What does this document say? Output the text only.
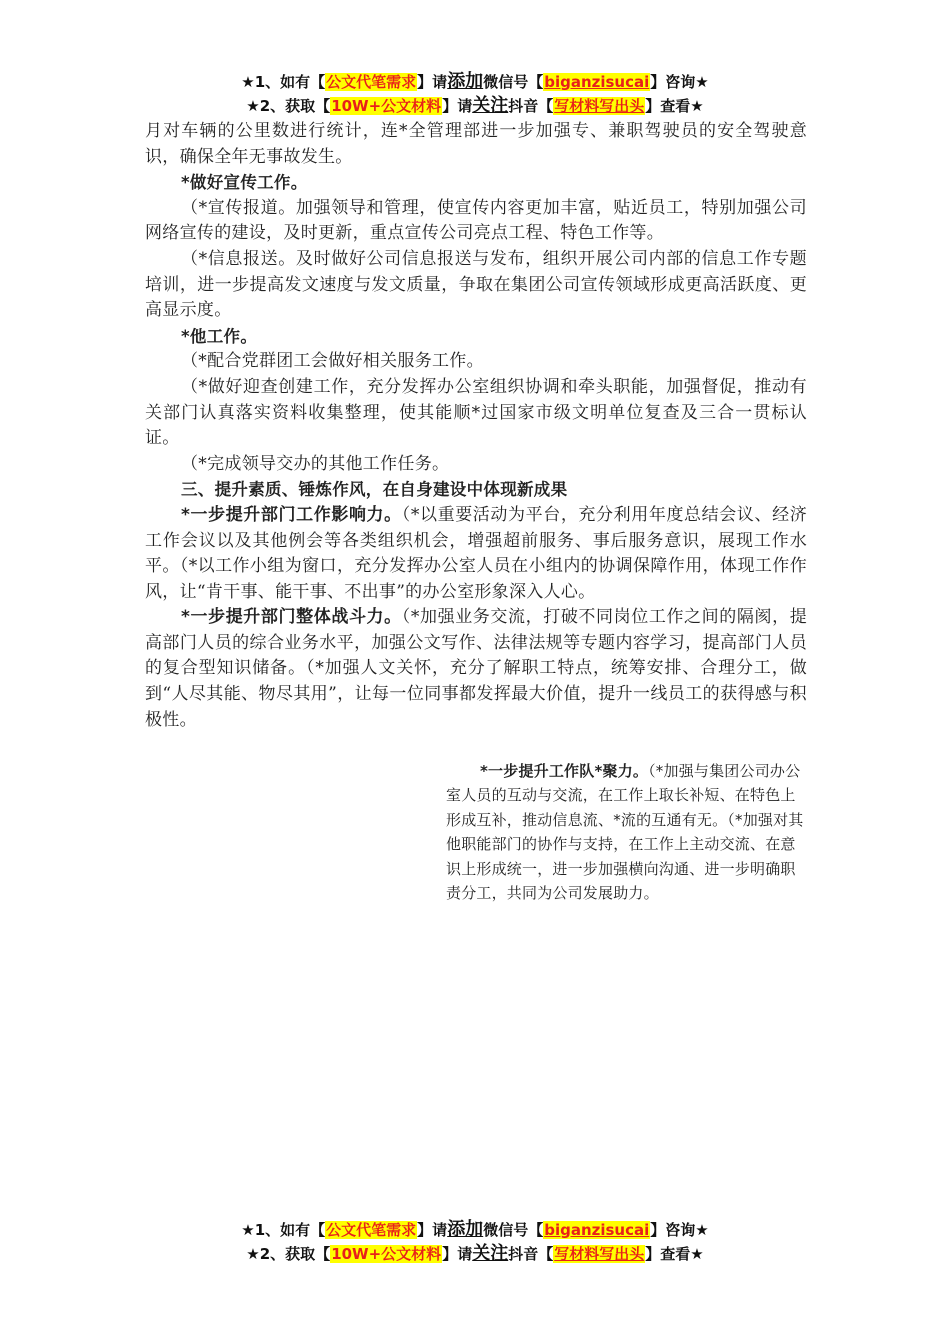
★1、如有【公文代笔需求】请添加微信号【biganzisucai】咨询★
★2、获取【10W+公文材料】请关注抖音【写材料写出头】查看★

月对车辆的公里数进行统计，连*全管理部进一步加强专、兼职驾驶员的安全驾驶意识，确保全年无事故发生。

*做好宣传工作。

（*宣传报道。加强领导和管理，使宣传内容更加丰富，贴近员工，特别加强公司网络宣传的建设，及时更新，重点宣传公司亮点工程、特色工作等。

（*信息报送。及时做好公司信息报送与发布，组织开展公司内部的信息工作专题培训，进一步提高发文速度与发文质量，争取在集团公司宣传领域形成更高活跃度、更高显示度。

*他工作。

（*配合党群团工会做好相关服务工作。

（*做好迎查创建工作，充分发挥办公室组织协调和牵头职能，加强督促，推动有关部门认真落实资料收集整理，使其能顺*过国家市级文明单位复查及三合一贯标认证。

（*完成领导交办的其他工作任务。

三、提升素质、锤炼作风，在自身建设中体现新成果

*一步提升部门工作影响力。（*以重要活动为平台，充分利用年度总结会议、经济工作会议以及其他例会等各类组织机会，增强超前服务、事后服务意识，展现工作水平。（*以工作小组为窗口，充分发挥办公室人员在小组内的协调保障作用，体现工作作风，让“肯干事、能干事、不出事”的办公室形象深入人心。

*一步提升部门整体战斗力。（*加强业务交流，打破不同岗位工作之间的隔阂，提高部门人员的综合业务水平，加强公文写作、法律法规等专题内容学习，提高部门人员的复合型知识储备。（*加强人文关怀，充分了解职工特点，统筹安排、合理分工，做到“人尽其能、物尽其用”，让每一位同事都发挥最大价值，提升一线员工的获得感与积极性。

*一步提升工作队*聚力。（*加强与集团公司办公室人员的互动与交流，在工作上取长补短、在特色上形成互补，推动信息流、*流的互通有无。（*加强对其他职能部门的协作与支持，在工作上主动交流、在意识上形成统一，进一步加强横向沟通、进一步明确职责分工，共同为公司发展助力。

★1、如有【公文代笔需求】请添加微信号【biganzisucai】咨询★
★2、获取【10W+公文材料】请关注抖音【写材料写出头】查看★
